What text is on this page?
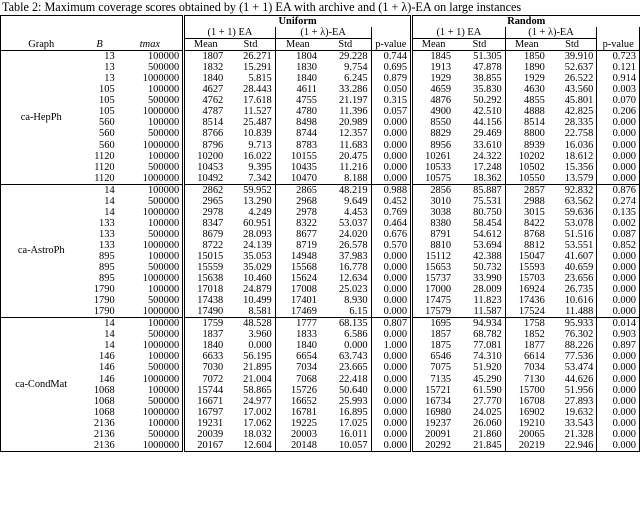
Table 2: Maximum coverage scores obtained by (1 + 1) EA with archive and (1 + λ)-EA on large instances
			Uniform					Random				
			(1 + 1) EA		(1 + λ)-EA			(1 + 1) EA		(1 + λ)-EA		
Graph	B	tmax	Mean	Std	Mean	Std	p-value	Mean	Std	Mean	Std	p-value
ca-HepPh	13	100000	1807	26.271	1804	29.228	0.744	1845	51.305	1850	39.910	0.723
	13	500000	1832	15.291	1830	9.754	0.695	1913	47.878	1890	52.637	0.121
	13	1000000	1840	5.815	1840	6.245	0.879	1929	38.855	1929	26.522	0.914
	105	100000	4627	28.443	4611	33.286	0.050	4659	35.830	4630	43.560	0.003
	105	500000	4762	17.618	4755	21.197	0.315	4876	50.292	4855	45.801	0.070
	105	1000000	4787	11.527	4780	11.396	0.057	4900	42.510	4888	42.825	0.206
	560	100000	8514	25.487	8498	20.989	0.000	8550	44.156	8514	28.335	0.000
	560	500000	8766	10.839	8744	12.357	0.000	8829	29.469	8800	22.758	0.000
	560	1000000	8796	9.713	8783	11.683	0.000	8956	33.610	8939	16.036	0.000
	1120	100000	10200	16.022	10155	20.475	0.000	10261	24.322	10202	18.612	0.000
	1120	500000	10453	9.395	10435	11.216	0.000	10533	17.248	10502	15.356	0.000
	1120	1000000	10492	7.342	10470	8.188	0.000	10575	18.362	10550	13.579	0.000
ca-AstroPh	14	100000	2862	59.952	2865	48.219	0.988	2856	85.887	2857	92.832	0.876
	14	500000	2965	13.290	2968	9.649	0.452	3010	75.531	2988	63.562	0.274
	14	1000000	2978	4.249	2978	4.453	0.769	3038	80.750	3015	59.636	0.135
	133	100000	8347	60.951	8322	53.037	0.464	8380	58.454	8422	53.078	0.002
	133	500000	8679	28.093	8677	24.020	0.676	8791	54.612	8768	51.516	0.087
	133	1000000	8722	24.139	8719	26.578	0.570	8810	53.694	8812	53.551	0.852
	895	100000	15015	35.053	14948	37.983	0.000	15112	42.388	15047	41.607	0.000
	895	500000	15559	35.029	15568	16.778	0.000	15653	50.732	15593	40.659	0.000
	895	1000000	15638	10.460	15624	12.634	0.000	15737	33.990	15703	23.656	0.000
	1790	100000	17018	24.879	17008	25.023	0.000	17000	28.009	16924	26.735	0.000
	1790	500000	17438	10.499	17401	8.930	0.000	17475	11.823	17436	10.616	0.000
	1790	1000000	17490	8.581	17469	6.15	0.000	17579	11.587	17524	11.488	0.000
ca-CondMat	14	100000	1759	48.528	1777	68.135	0.807	1695	94.934	1758	95.933	0.014
	14	500000	1837	3.960	1833	6.586	0.000	1857	68.782	1852	76.302	0.903
	14	1000000	1840	0.000	1840	0.000	1.000	1875	77.081	1877	88.226	0.897
	146	100000	6633	56.195	6654	63.743	0.000	6546	74.310	6614	77.536	0.000
	146	500000	7030	21.895	7034	23.665	0.000	7075	51.920	7034	53.474	0.000
	146	1000000	7072	21.004	7068	22.418	0.000	7135	45.290	7130	44.626	0.000
	1068	100000	15744	58.865	15726	50.640	0.000	15721	61.590	15700	51.956	0.000
	1068	500000	16671	24.977	16652	25.993	0.000	16734	27.770	16708	27.893	0.000
	1068	1000000	16797	17.002	16781	16.895	0.000	16980	24.025	16902	19.632	0.000
	2136	100000	19231	17.062	19225	17.025	0.000	19237	26.060	19210	33.543	0.000
	2136	500000	20039	18.032	20003	16.011	0.000	20091	21.860	20065	21.328	0.000
	2136	1000000	20167	12.604	20148	10.057	0.000	20292	21.845	20219	22.946	0.000
